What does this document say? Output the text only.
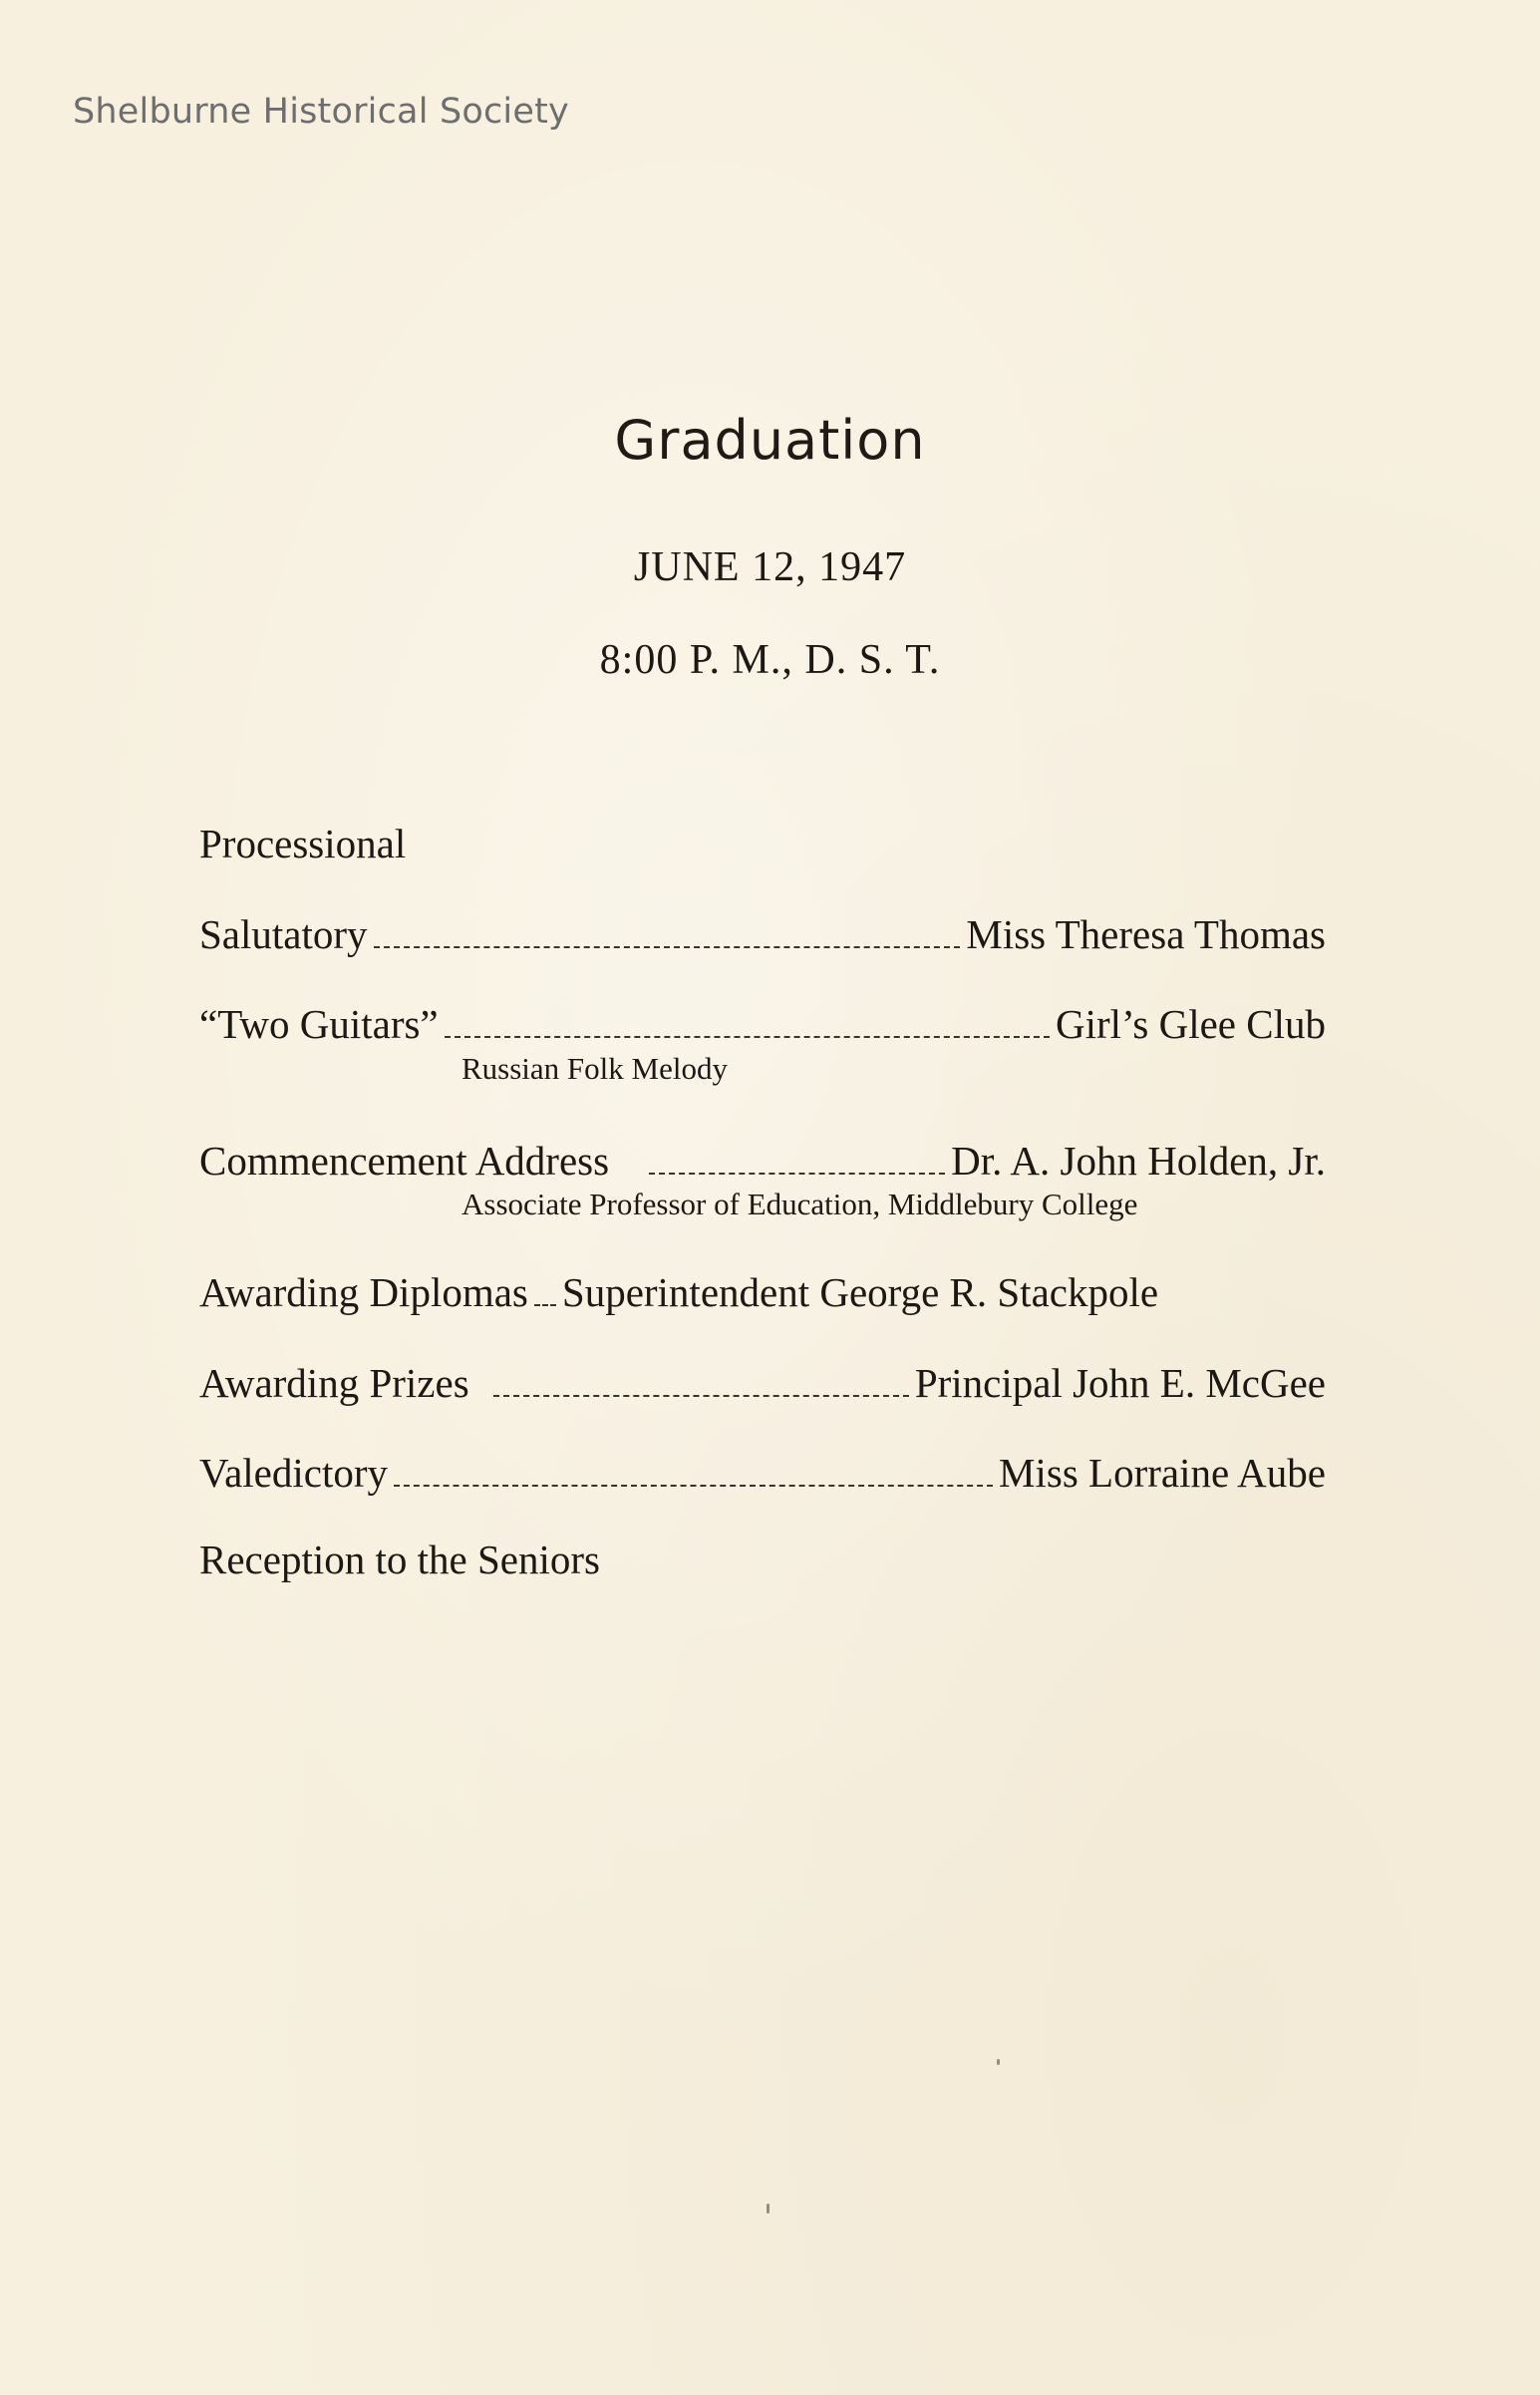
Shelburne Historical Society
Graduation
JUNE 12, 1947
8:00 P. M., D. S. T.
Processional
Salutatory	Miss Theresa Thomas
“Two Guitars”	Girl’s Glee Club
Russian Folk Melody
Commencement Address	Dr. A. John Holden, Jr.
Associate Professor of Education, Middlebury College
Awarding Diplomas Superintendent George R. Stackpole
Awarding Prizes	Principal John E. McGee
Valedictory	Miss Lorraine Aube
Reception to the Seniors
